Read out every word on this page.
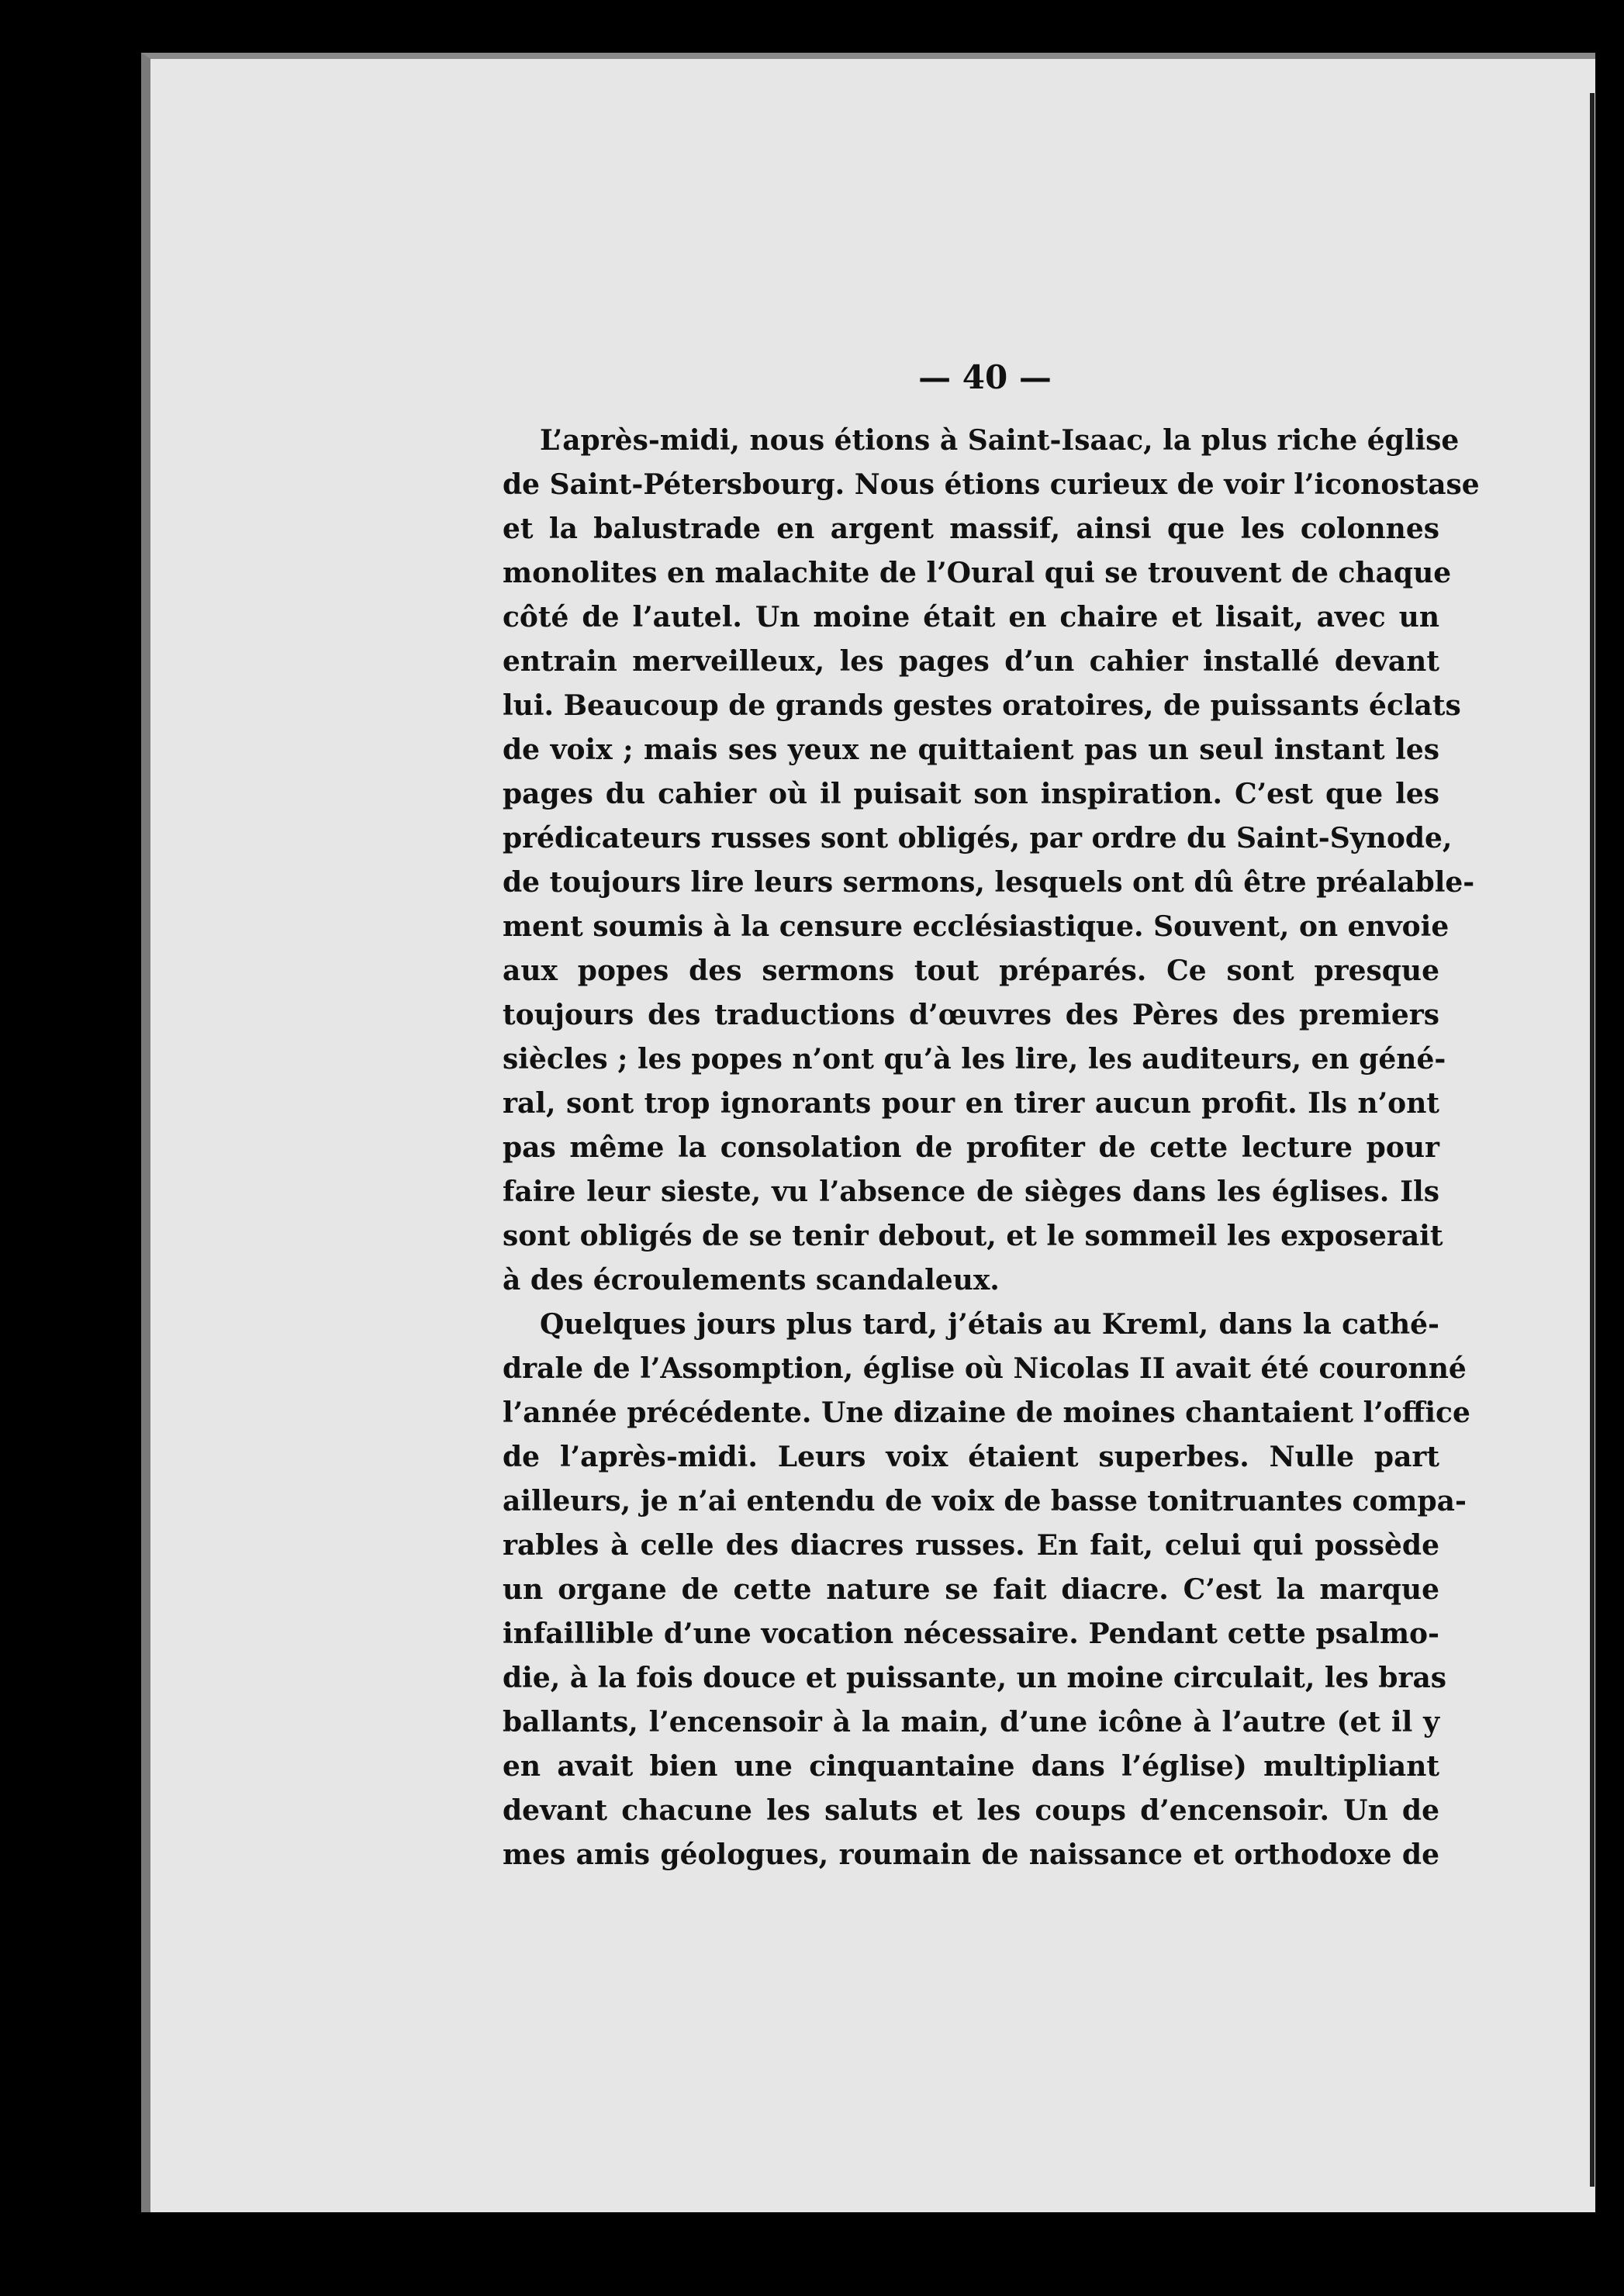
— 40 —
L’après-midi, nous étions à Saint-Isaac, la plus riche église
de Saint-Pétersbourg. Nous étions curieux de voir l’iconostase
et la balustrade en argent massif, ainsi que les colonnes
monolites en malachite de l’Oural qui se trouvent de chaque
côté de l’autel. Un moine était en chaire et lisait, avec un
entrain merveilleux, les pages d’un cahier installé devant
lui. Beaucoup de grands gestes oratoires, de puissants éclats
de voix ; mais ses yeux ne quittaient pas un seul instant les
pages du cahier où il puisait son inspiration. C’est que les
prédicateurs russes sont obligés, par ordre du Saint-Synode,
de toujours lire leurs sermons, lesquels ont dû être préalable-
ment soumis à la censure ecclésiastique. Souvent, on envoie
aux popes des sermons tout préparés. Ce sont presque
toujours des traductions d’œuvres des Pères des premiers
siècles ; les popes n’ont qu’à les lire, les auditeurs, en géné-
ral, sont trop ignorants pour en tirer aucun profit. Ils n’ont
pas même la consolation de profiter de cette lecture pour
faire leur sieste, vu l’absence de sièges dans les églises. Ils
sont obligés de se tenir debout, et le sommeil les exposerait
à des écroulements scandaleux.
Quelques jours plus tard, j’étais au Kreml, dans la cathé-
drale de l’Assomption, église où Nicolas II avait été couronné
l’année précédente. Une dizaine de moines chantaient l’office
de l’après-midi. Leurs voix étaient superbes. Nulle part
ailleurs, je n’ai entendu de voix de basse tonitruantes compa-
rables à celle des diacres russes. En fait, celui qui possède
un organe de cette nature se fait diacre. C’est la marque
infaillible d’une vocation nécessaire. Pendant cette psalmo-
die, à la fois douce et puissante, un moine circulait, les bras
ballants, l’encensoir à la main, d’une icône à l’autre (et il y
en avait bien une cinquantaine dans l’église) multipliant
devant chacune les saluts et les coups d’encensoir. Un de
mes amis géologues, roumain de naissance et orthodoxe de
